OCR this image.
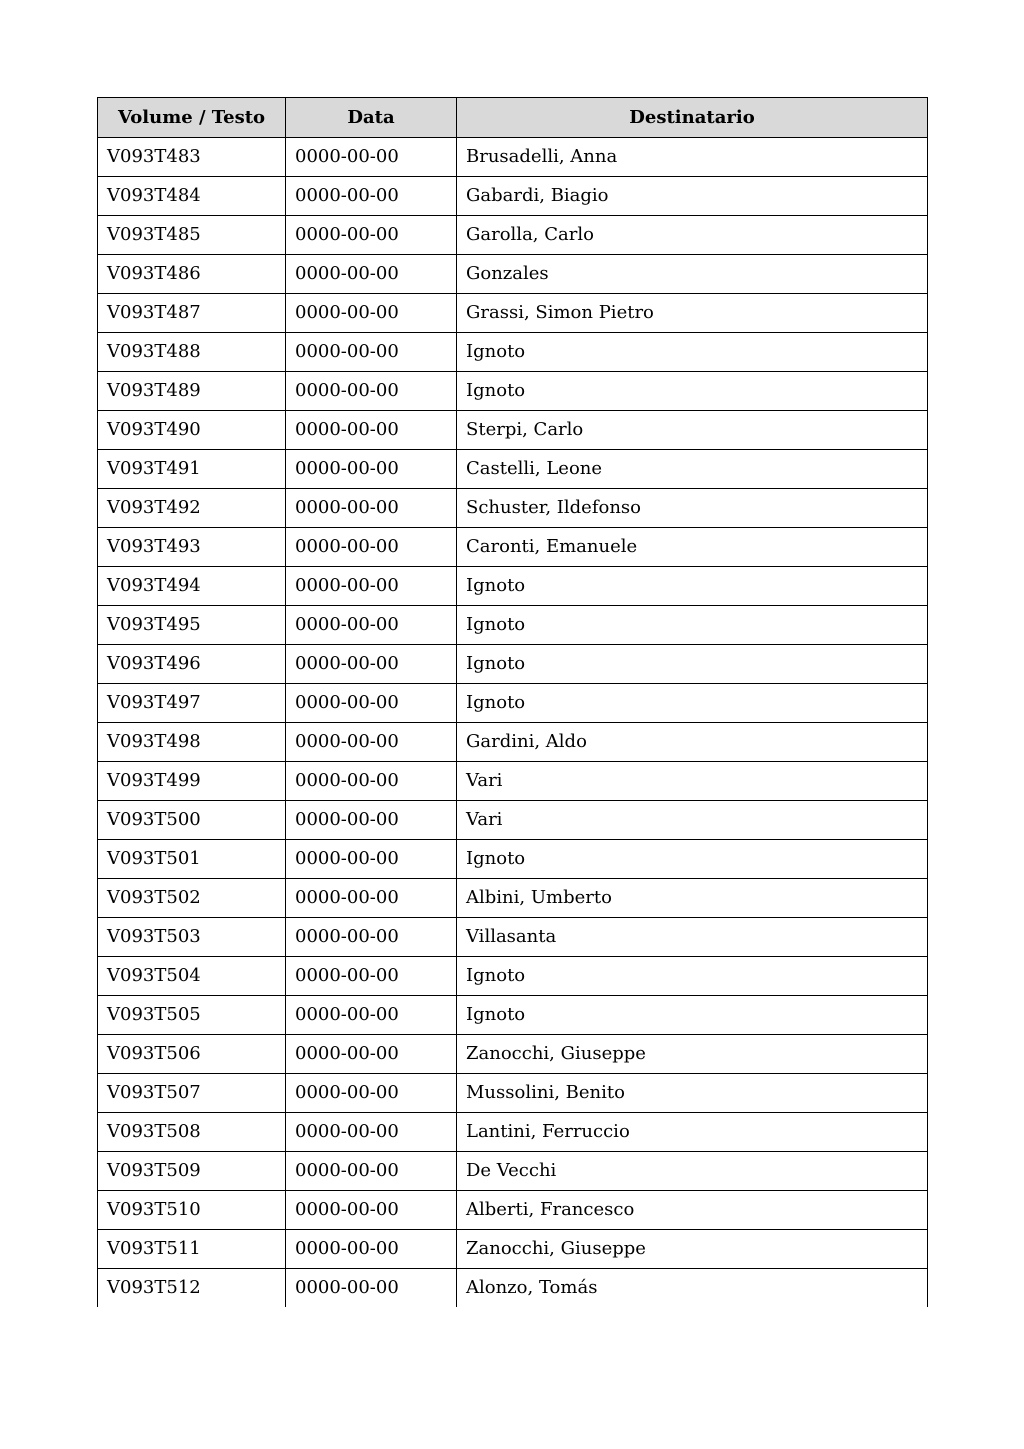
Volume / Testo	Data	Destinatario
V093T483	0000-00-00	Brusadelli, Anna
V093T484	0000-00-00	Gabardi, Biagio
V093T485	0000-00-00	Garolla, Carlo
V093T486	0000-00-00	Gonzales
V093T487	0000-00-00	Grassi, Simon Pietro
V093T488	0000-00-00	Ignoto
V093T489	0000-00-00	Ignoto
V093T490	0000-00-00	Sterpi, Carlo
V093T491	0000-00-00	Castelli, Leone
V093T492	0000-00-00	Schuster, Ildefonso
V093T493	0000-00-00	Caronti, Emanuele
V093T494	0000-00-00	Ignoto
V093T495	0000-00-00	Ignoto
V093T496	0000-00-00	Ignoto
V093T497	0000-00-00	Ignoto
V093T498	0000-00-00	Gardini, Aldo
V093T499	0000-00-00	Vari
V093T500	0000-00-00	Vari
V093T501	0000-00-00	Ignoto
V093T502	0000-00-00	Albini, Umberto
V093T503	0000-00-00	Villasanta
V093T504	0000-00-00	Ignoto
V093T505	0000-00-00	Ignoto
V093T506	0000-00-00	Zanocchi, Giuseppe
V093T507	0000-00-00	Mussolini, Benito
V093T508	0000-00-00	Lantini, Ferruccio
V093T509	0000-00-00	De Vecchi
V093T510	0000-00-00	Alberti, Francesco
V093T511	0000-00-00	Zanocchi, Giuseppe
V093T512	0000-00-00	Alonzo, Tomás
